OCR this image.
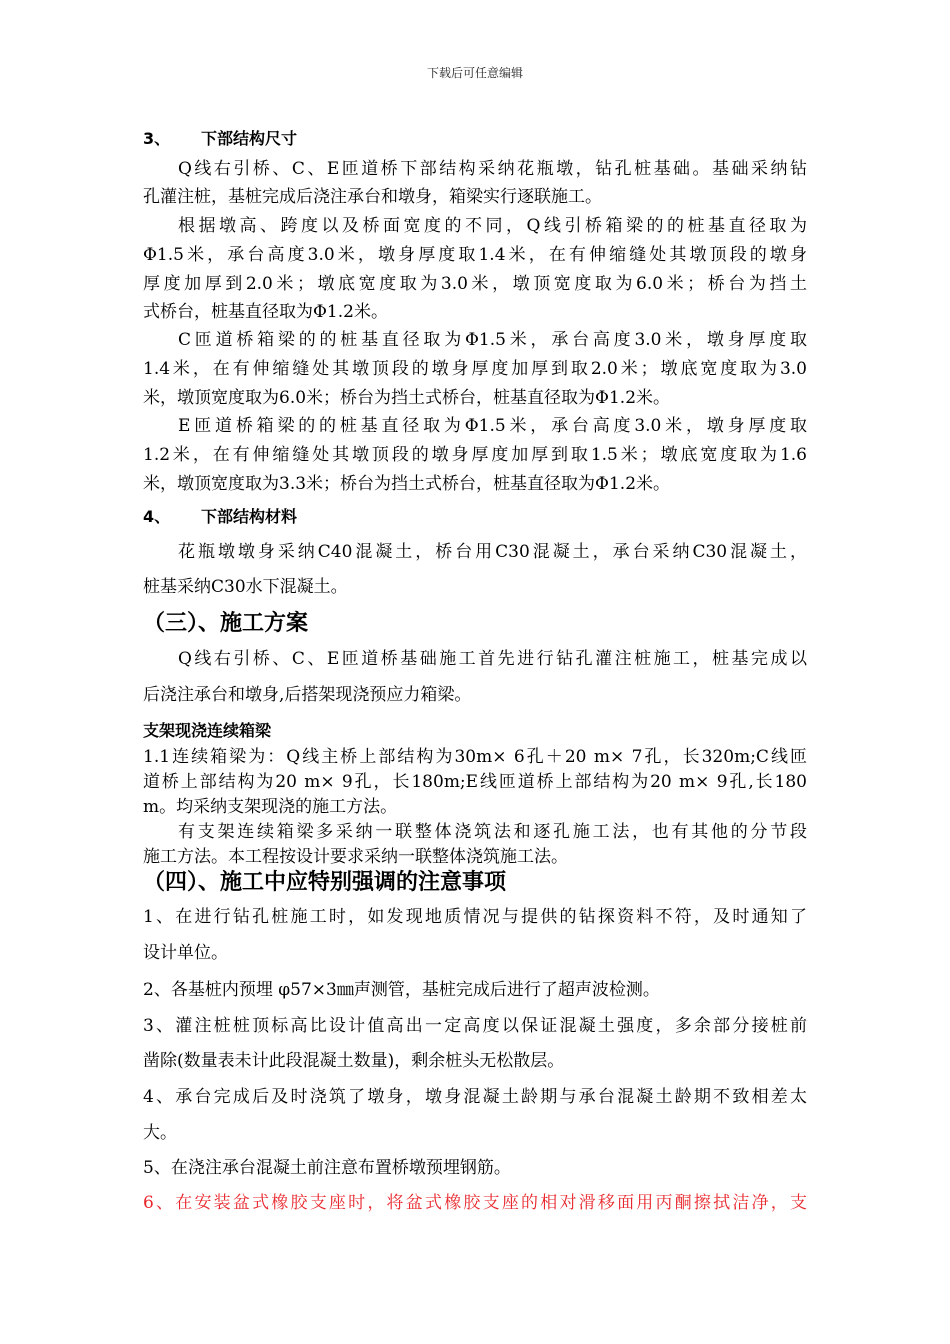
下载后可任意编辑
3、 下部结构尺寸
Q线右引桥、C、E匝道桥下部结构采纳花瓶墩，钻孔桩基础。基础采纳钻
孔灌注桩，基桩完成后浇注承台和墩身，箱梁实行逐联施工。
根据墩高、跨度以及桥面宽度的不同，Q线引桥箱梁的的桩基直径取为
Φ1.5米，承台高度3.0米，墩身厚度取1.4米，在有伸缩缝处其墩顶段的墩身
厚度加厚到2.0米；墩底宽度取为3.0米，墩顶宽度取为6.0米；桥台为挡土
式桥台，桩基直径取为Φ1.2米。
C匝道桥箱梁的的桩基直径取为Φ1.5米，承台高度3.0米，墩身厚度取
1.4米，在有伸缩缝处其墩顶段的墩身厚度加厚到取2.0米；墩底宽度取为3.0
米，墩顶宽度取为6.0米；桥台为挡土式桥台，桩基直径取为Φ1.2米。
E匝道桥箱梁的的桩基直径取为Φ1.5米，承台高度3.0米，墩身厚度取
1.2米，在有伸缩缝处其墩顶段的墩身厚度加厚到取1.5米；墩底宽度取为1.6
米，墩顶宽度取为3.3米；桥台为挡土式桥台，桩基直径取为Φ1.2米。
4、 下部结构材料
花瓶墩墩身采纳C40混凝土，桥台用C30混凝土，承台采纳C30混凝土，
桩基采纳C30水下混凝土。
（三）、施工方案
Q线右引桥、C、E匝道桥基础施工首先进行钻孔灌注桩施工，桩基完成以
后浇注承台和墩身,后搭架现浇预应力箱梁。
支架现浇连续箱梁
1.1连续箱梁为：Q线主桥上部结构为30m× 6孔＋20 m× 7孔，长320m;C线匝
道桥上部结构为20 m× 9孔，长180m;E线匝道桥上部结构为20 m× 9孔,长180
m。均采纳支架现浇的施工方法。
有支架连续箱梁多采纳一联整体浇筑法和逐孔施工法，也有其他的分节段
施工方法。本工程按设计要求采纳一联整体浇筑施工法。
（四）、施工中应特别强调的注意事项
1、在进行钻孔桩施工时，如发现地质情况与提供的钻探资料不符，及时通知了
设计单位。
2、各基桩内预埋 φ57×3㎜声测管，基桩完成后进行了超声波检测。
3、灌注桩桩顶标高比设计值高出一定高度以保证混凝土强度，多余部分接桩前
凿除(数量表未计此段混凝土数量)，剩余桩头无松散层。
4、承台完成后及时浇筑了墩身，墩身混凝土龄期与承台混凝土龄期不致相差太
大。
5、在浇注承台混凝土前注意布置桥墩预埋钢筋。
6、在安装盆式橡胶支座时，将盆式橡胶支座的相对滑移面用丙酮擦拭洁净，支
